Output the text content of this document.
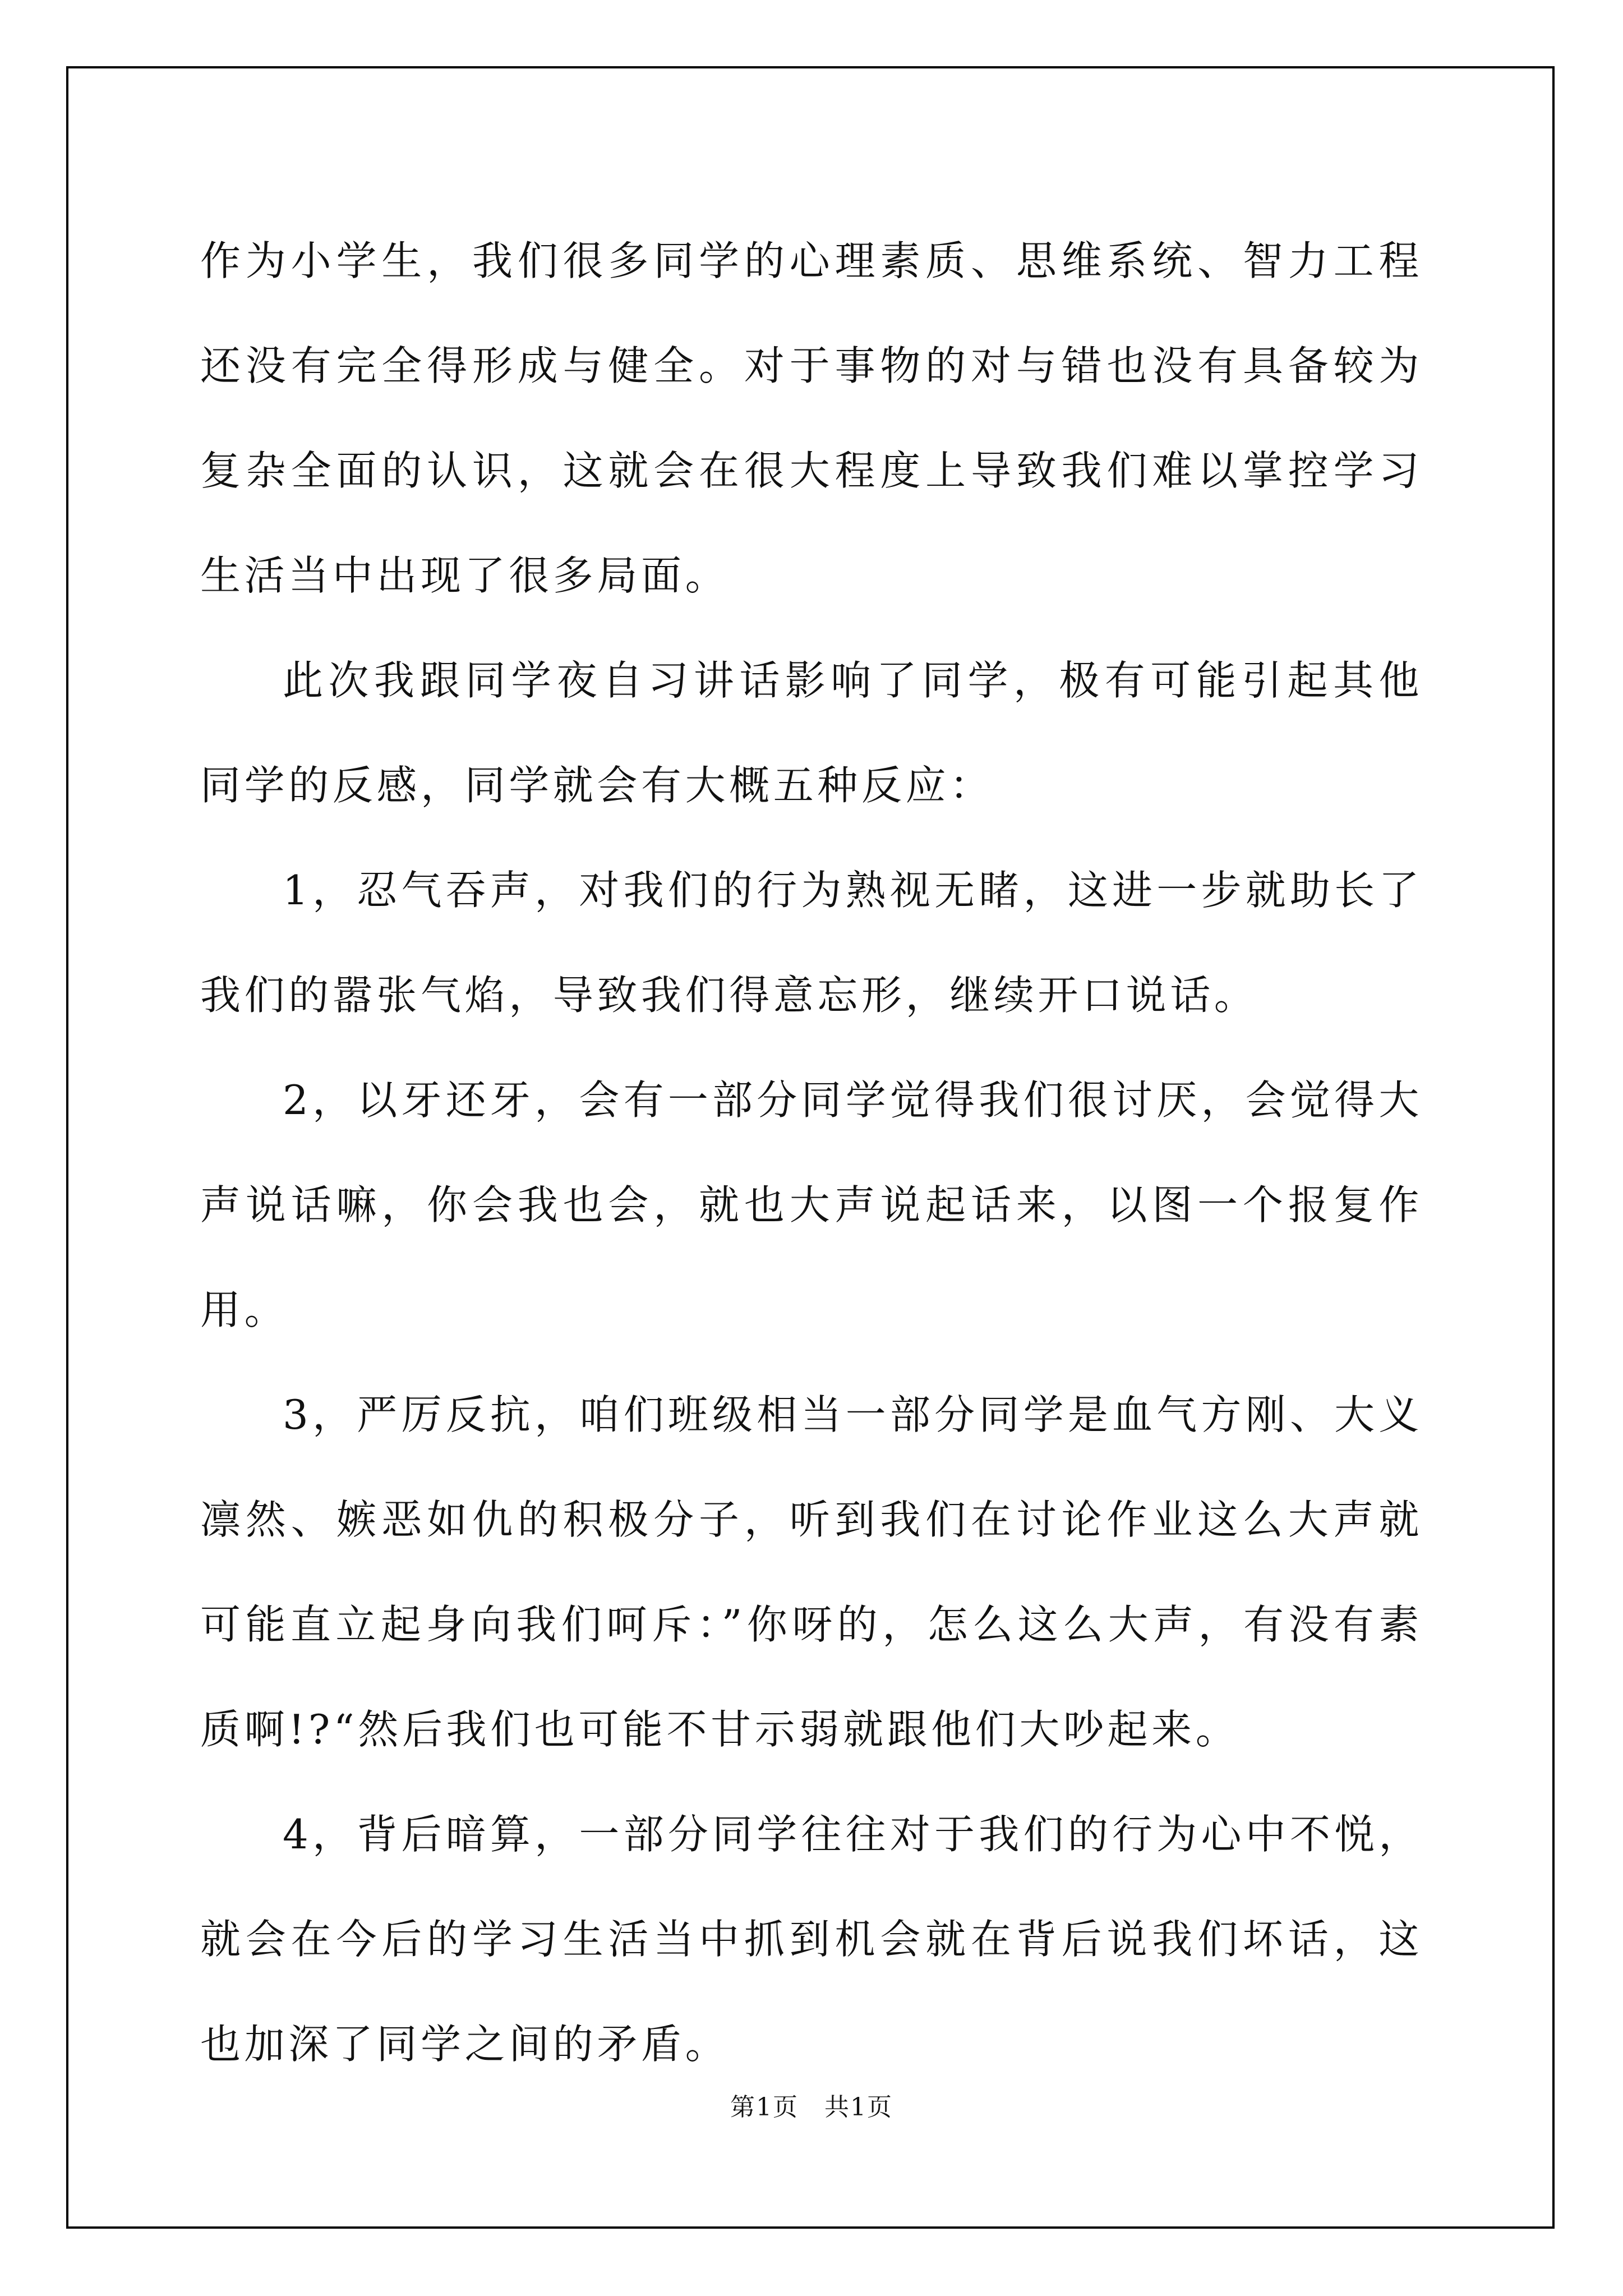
作为小学生，我们很多同学的心理素质、思维系统、智力工程还没有完全得形成与健全。对于事物的对与错也没有具备较为复杂全面的认识，这就会在很大程度上导致我们难以掌控学习生活当中出现了很多局面。

此次我跟同学夜自习讲话影响了同学，极有可能引起其他同学的反感，同学就会有大概五种反应：

1，忍气吞声，对我们的行为熟视无睹，这进一步就助长了我们的嚣张气焰，导致我们得意忘形，继续开口说话。

2，以牙还牙，会有一部分同学觉得我们很讨厌，会觉得大声说话嘛，你会我也会，就也大声说起话来，以图一个报复作用。

3，严厉反抗，咱们班级相当一部分同学是血气方刚、大义凛然、嫉恶如仇的积极分子，听到我们在讨论作业这么大声就可能直立起身向我们呵斥：”你呀的，怎么这么大声，有没有素质啊!?“然后我们也可能不甘示弱就跟他们大吵起来。

4，背后暗算，一部分同学往往对于我们的行为心中不悦，就会在今后的学习生活当中抓到机会就在背后说我们坏话，这也加深了同学之间的矛盾。

第1页　共1页
